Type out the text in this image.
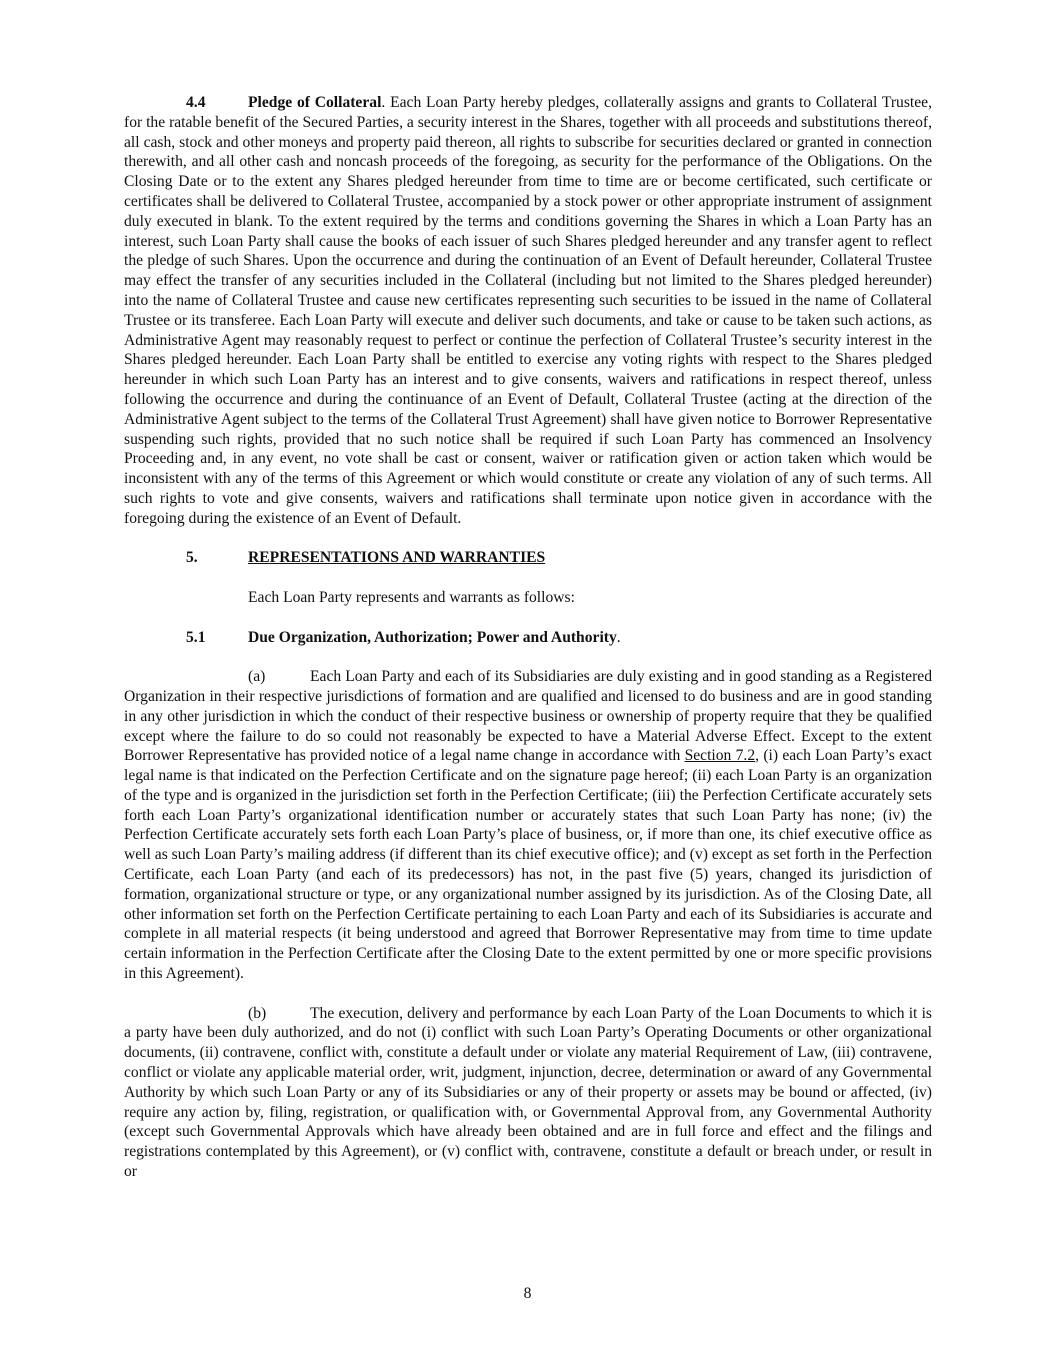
4.4	Pledge of Collateral. Each Loan Party hereby pledges, collaterally assigns and grants to Collateral Trustee, for the ratable benefit of the Secured Parties, a security interest in the Shares, together with all proceeds and substitutions thereof, all cash, stock and other moneys and property paid thereon, all rights to subscribe for securities declared or granted in connection therewith, and all other cash and noncash proceeds of the foregoing, as security for the performance of the Obligations. On the Closing Date or to the extent any Shares pledged hereunder from time to time are or become certificated, such certificate or certificates shall be delivered to Collateral Trustee, accompanied by a stock power or other appropriate instrument of assignment duly executed in blank. To the extent required by the terms and conditions governing the Shares in which a Loan Party has an interest, such Loan Party shall cause the books of each issuer of such Shares pledged hereunder and any transfer agent to reflect the pledge of such Shares. Upon the occurrence and during the continuation of an Event of Default hereunder, Collateral Trustee may effect the transfer of any securities included in the Collateral (including but not limited to the Shares pledged hereunder) into the name of Collateral Trustee and cause new certificates representing such securities to be issued in the name of Collateral Trustee or its transferee. Each Loan Party will execute and deliver such documents, and take or cause to be taken such actions, as Administrative Agent may reasonably request to perfect or continue the perfection of Collateral Trustee’s security interest in the Shares pledged hereunder. Each Loan Party shall be entitled to exercise any voting rights with respect to the Shares pledged hereunder in which such Loan Party has an interest and to give consents, waivers and ratifications in respect thereof, unless following the occurrence and during the continuance of an Event of Default, Collateral Trustee (acting at the direction of the Administrative Agent subject to the terms of the Collateral Trust Agreement) shall have given notice to Borrower Representative suspending such rights, provided that no such notice shall be required if such Loan Party has commenced an Insolvency Proceeding and, in any event, no vote shall be cast or consent, waiver or ratification given or action taken which would be inconsistent with any of the terms of this Agreement or which would constitute or create any violation of any of such terms. All such rights to vote and give consents, waivers and ratifications shall terminate upon notice given in accordance with the foregoing during the existence of an Event of Default.

5.	REPRESENTATIONS AND WARRANTIES

Each Loan Party represents and warrants as follows:

5.1	Due Organization, Authorization; Power and Authority.

(a)	Each Loan Party and each of its Subsidiaries are duly existing and in good standing as a Registered Organization in their respective jurisdictions of formation and are qualified and licensed to do business and are in good standing in any other jurisdiction in which the conduct of their respective business or ownership of property require that they be qualified except where the failure to do so could not reasonably be expected to have a Material Adverse Effect. Except to the extent Borrower Representative has provided notice of a legal name change in accordance with Section 7.2, (i) each Loan Party’s exact legal name is that indicated on the Perfection Certificate and on the signature page hereof; (ii) each Loan Party is an organization of the type and is organized in the jurisdiction set forth in the Perfection Certificate; (iii) the Perfection Certificate accurately sets forth each Loan Party’s organizational identification number or accurately states that such Loan Party has none; (iv) the Perfection Certificate accurately sets forth each Loan Party’s place of business, or, if more than one, its chief executive office as well as such Loan Party’s mailing address (if different than its chief executive office); and (v) except as set forth in the Perfection Certificate, each Loan Party (and each of its predecessors) has not, in the past five (5) years, changed its jurisdiction of formation, organizational structure or type, or any organizational number assigned by its jurisdiction. As of the Closing Date, all other information set forth on the Perfection Certificate pertaining to each Loan Party and each of its Subsidiaries is accurate and complete in all material respects (it being understood and agreed that Borrower Representative may from time to time update certain information in the Perfection Certificate after the Closing Date to the extent permitted by one or more specific provisions in this Agreement).

(b)	The execution, delivery and performance by each Loan Party of the Loan Documents to which it is a party have been duly authorized, and do not (i) conflict with such Loan Party’s Operating Documents or other organizational documents, (ii) contravene, conflict with, constitute a default under or violate any material Requirement of Law, (iii) contravene, conflict or violate any applicable material order, writ, judgment, injunction, decree, determination or award of any Governmental Authority by which such Loan Party or any of its Subsidiaries or any of their property or assets may be bound or affected, (iv) require any action by, filing, registration, or qualification with, or Governmental Approval from, any Governmental Authority (except such Governmental Approvals which have already been obtained and are in full force and effect and the filings and registrations contemplated by this Agreement), or (v) conflict with, contravene, constitute a default or breach under, or result in or

8
